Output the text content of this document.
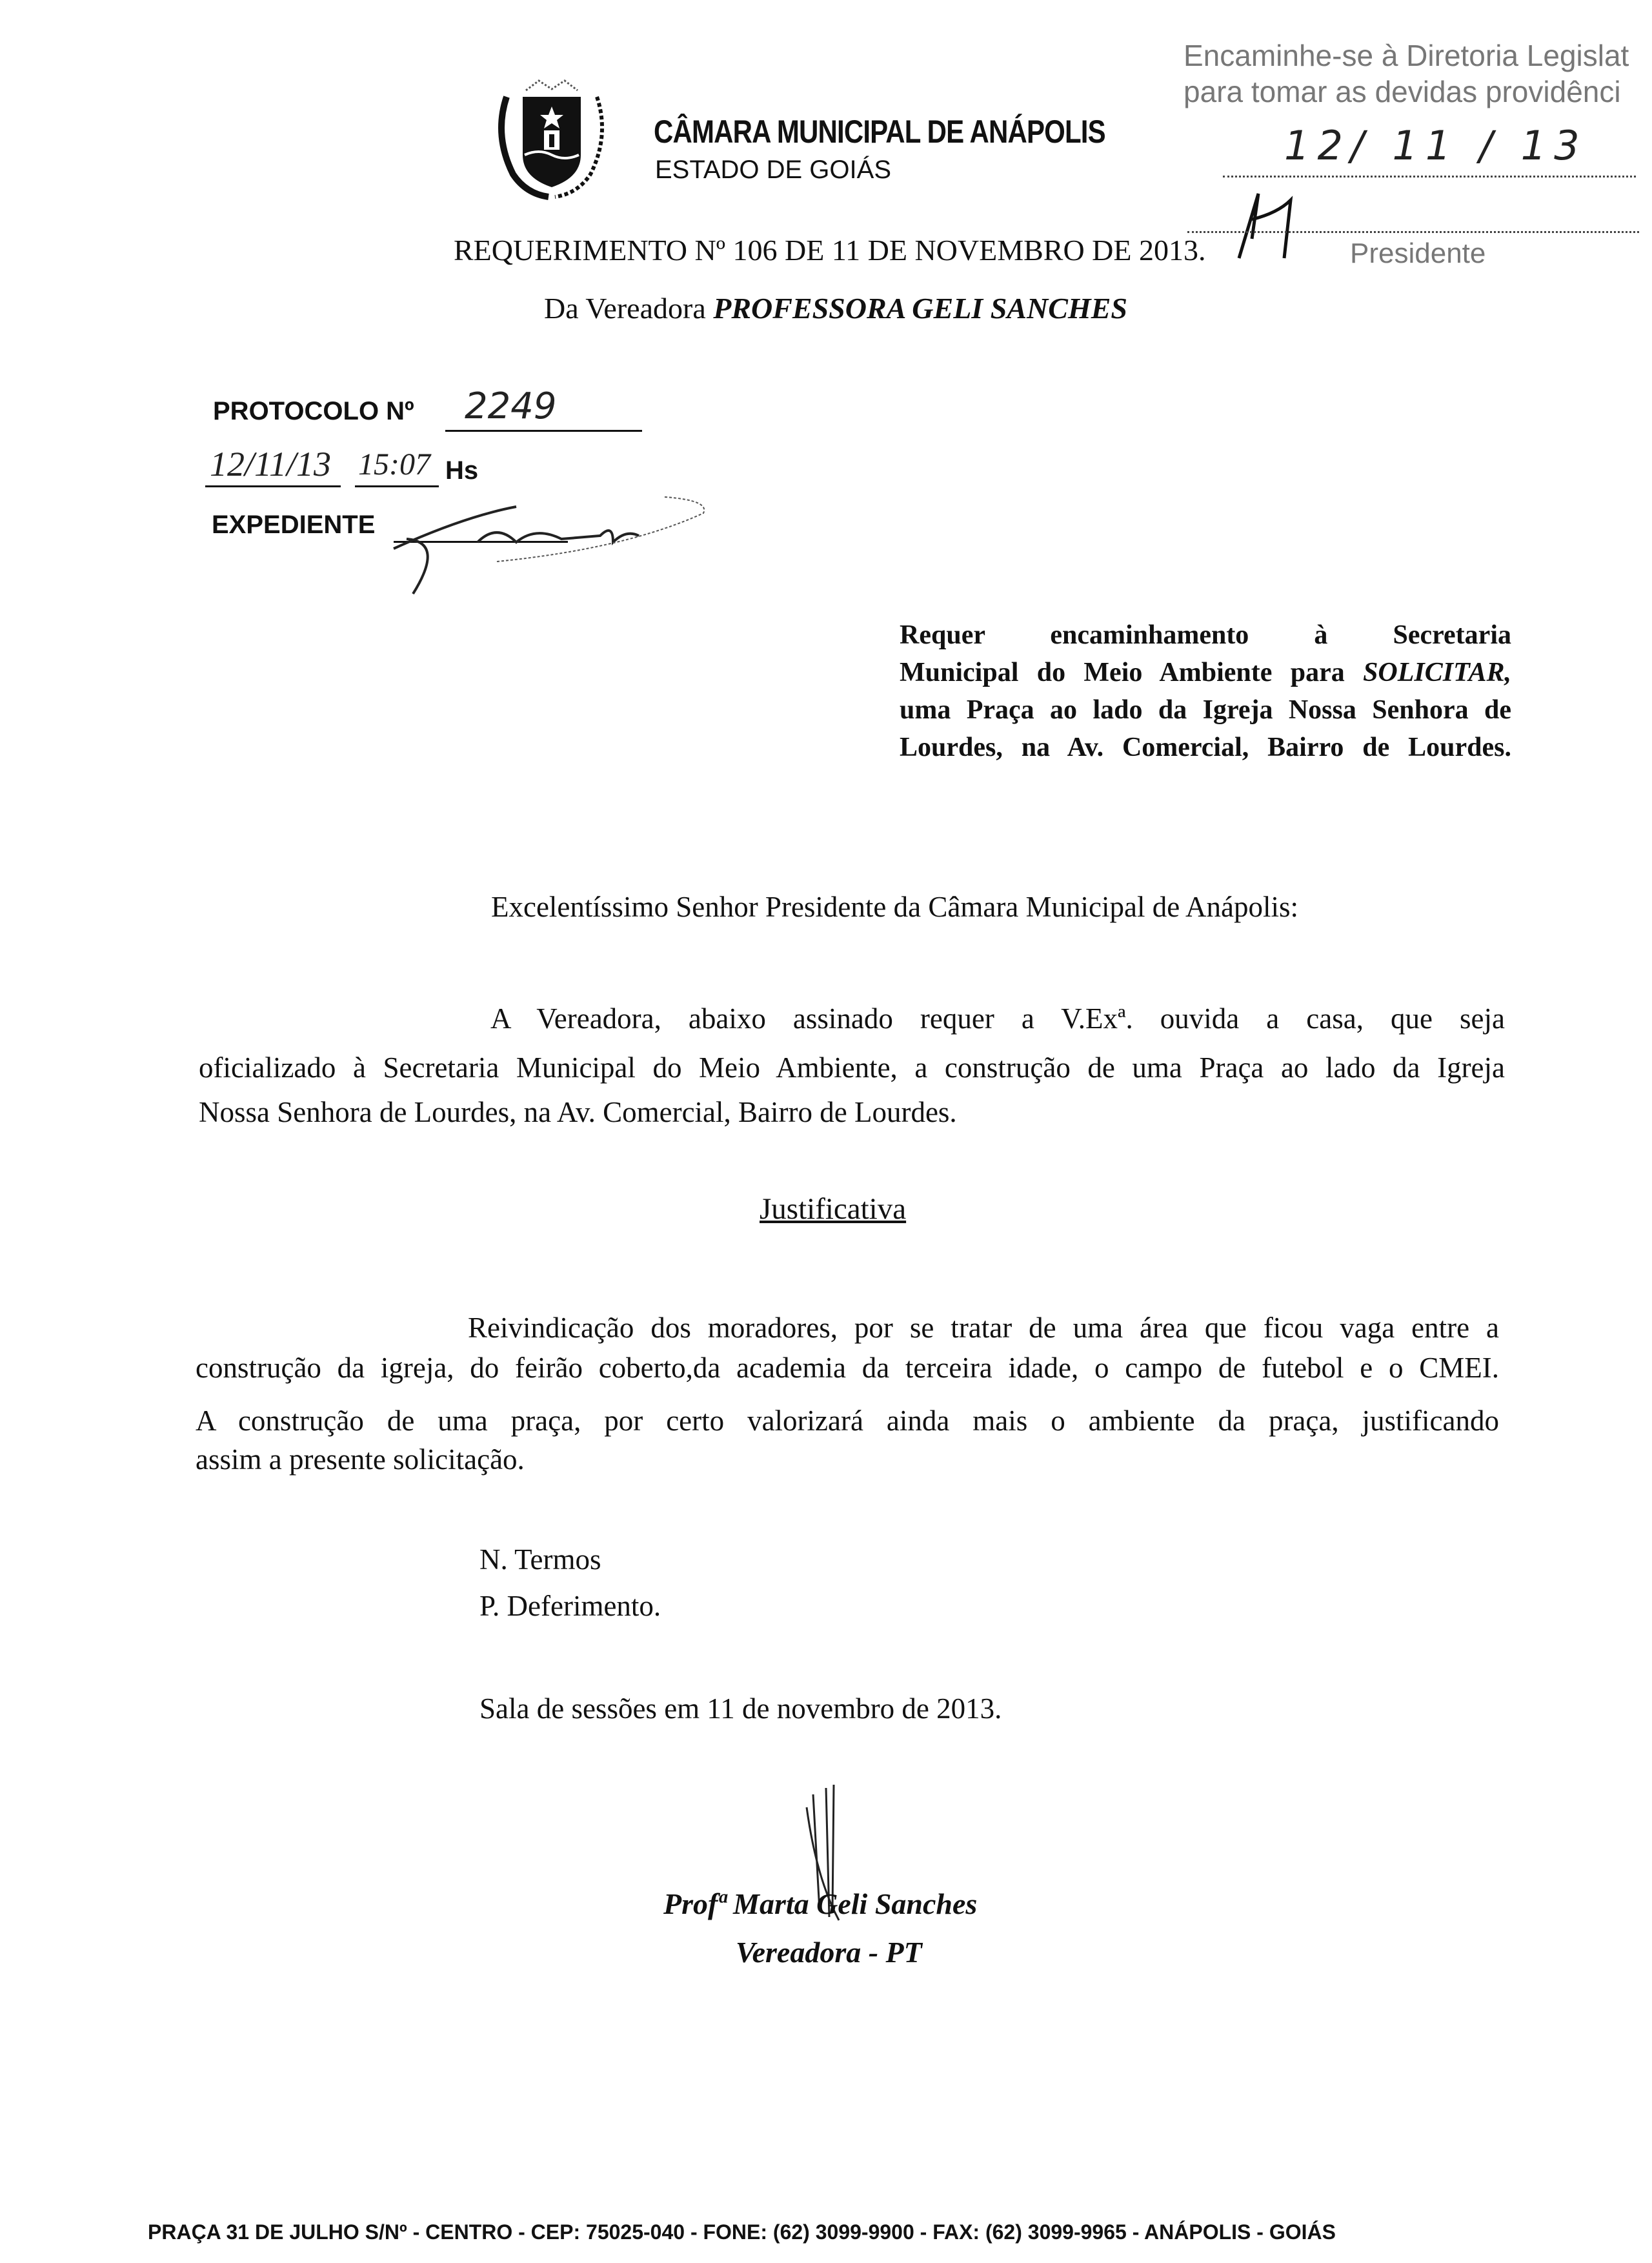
CÂMARA MUNICIPAL DE ANÁPOLIS
ESTADO DE GOIÁS
Encaminhe-se à Diretoria Legislat
para tomar as devidas providênci
12/ 11 / 13
Presidente
REQUERIMENTO Nº 106 DE 11 DE NOVEMBRO DE 2013.
Da Vereadora PROFESSORA GELI SANCHES
PROTOCOLO Nº 2249
12/11/13 15:07 Hs
EXPEDIENTE
Requer encaminhamento à Secretaria
Municipal do Meio Ambiente para SOLICITAR,
uma Praça ao lado da Igreja Nossa Senhora de
Lourdes, na Av. Comercial, Bairro de Lourdes.
Excelentíssimo Senhor Presidente da Câmara Municipal de Anápolis:
A Vereadora, abaixo assinado requer a V.Exª. ouvida a casa, que seja
oficializado à Secretaria Municipal do Meio Ambiente, a construção de uma Praça ao lado da Igreja
Nossa Senhora de Lourdes, na Av. Comercial, Bairro de Lourdes.
Justificativa
Reivindicação dos moradores, por se tratar de uma área que ficou vaga entre a
construção da igreja, do feirão coberto,da academia da terceira idade, o campo de futebol e o CMEI.
A construção de uma praça, por certo valorizará ainda mais o ambiente da praça, justificando
assim a presente solicitação.
N. Termos
P. Deferimento.
Sala de sessões em 11 de novembro de 2013.
Profª Marta Geli Sanches
Vereadora - PT
PRAÇA 31 DE JULHO S/Nº - CENTRO - CEP: 75025-040 - FONE: (62) 3099-9900 - FAX: (62) 3099-9965 - ANÁPOLIS - GOIÁS
